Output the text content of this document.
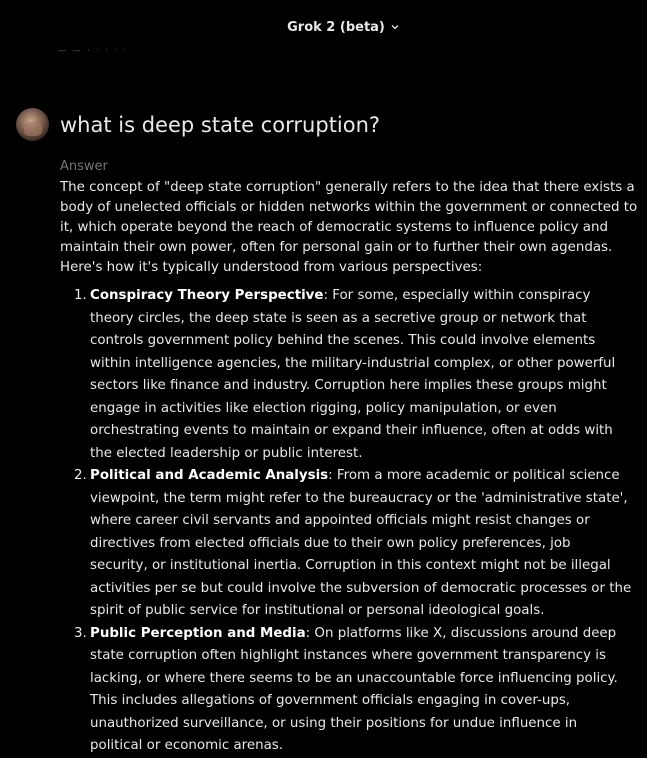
Grok 2 (beta)
— — · · · · ·
what is deep state corruption?
Answer

The concept of "deep state corruption" generally refers to the idea that there exists a body of unelected officials or hidden networks within the government or connected to it, which operate beyond the reach of democratic systems to influence policy and maintain their own power, often for personal gain or to further their own agendas. Here's how it's typically understood from various perspectives:

1. Conspiracy Theory Perspective: For some, especially within conspiracy theory circles, the deep state is seen as a secretive group or network that controls government policy behind the scenes. This could involve elements within intelligence agencies, the military-industrial complex, or other powerful sectors like finance and industry. Corruption here implies these groups might engage in activities like election rigging, policy manipulation, or even orchestrating events to maintain or expand their influence, often at odds with the elected leadership or public interest.
2. Political and Academic Analysis: From a more academic or political science viewpoint, the term might refer to the bureaucracy or the 'administrative state', where career civil servants and appointed officials might resist changes or directives from elected officials due to their own policy preferences, job security, or institutional inertia. Corruption in this context might not be illegal activities per se but could involve the subversion of democratic processes or the spirit of public service for institutional or personal ideological goals.
3. Public Perception and Media: On platforms like X, discussions around deep state corruption often highlight instances where government transparency is lacking, or where there seems to be an unaccountable force influencing policy. This includes allegations of government officials engaging in cover-ups, unauthorized surveillance, or using their positions for undue influence in political or economic arenas.
